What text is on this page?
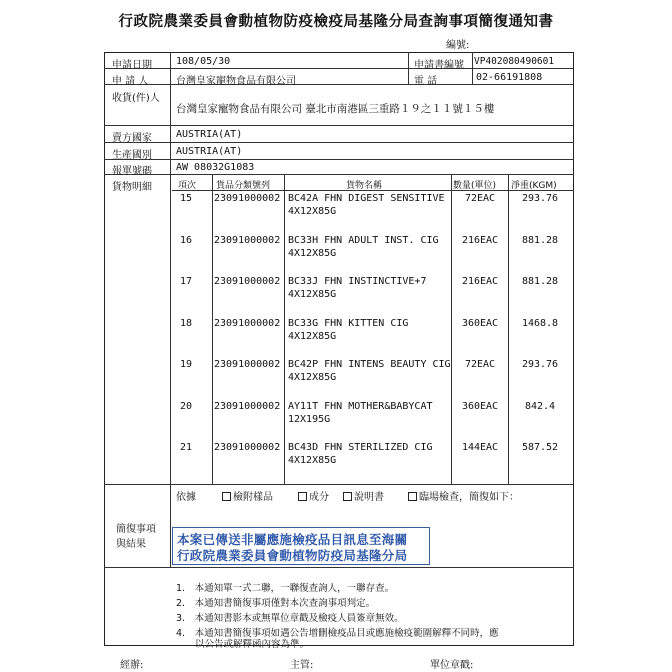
行政院農業委員會動植物防疫檢疫局基隆分局查詢事項簡復通知書
編號:
申請日期 108/05/30	申請書編號 VP402080490601
申 請 人	台灣皇家寵物食品有限公司	電 話	02-66191808
收貨(件)人
台灣皇家寵物食品有限公司 臺北市南港區三重路１９之１１號１５樓
賣方國家 AUSTRIA(AT)
生產國別 AUSTRIA(AT)
報單號碼 AW 08032G1083
貨物明細	項次 貨品分類號列	貨物名稱	數量(單位) 淨重(KGM)
15 23091000002 BC42A FHN DIGEST SENSITIVE	72EAC	293.76
4X12X85G
16 23091000002 BC33H FHN ADULT INST. CIG	216EAC	881.28
4X12X85G
17 23091000002 BC33J FHN INSTINCTIVE+7	216EAC	881.28
4X12X85G
18 23091000002 BC33G FHN KITTEN CIG	360EAC	1468.8
4X12X85G
19 23091000002 BC42P FHN INTENS BEAUTY CIG	72EAC	293.76
4X12X85G
20 23091000002 AY11T FHN MOTHER&BABYCAT	360EAC	842.4
12X195G
21 23091000002 BC43D FHN STERILIZED CIG	144EAC	587.52
4X12X85G
依據	檢附樣品	成分	說明書	臨場檢查，簡復如下：
簡復事項
與結果 本案已傳送非屬應施檢疫品目訊息至海關
行政院農業委員會動植物防疫局基隆分局
1.　本通知單一式二聯，一聯復查詢人，一聯存查。
2.　本通知書簡復事項僅對本次查詢事項判定。
3.　本通知書影本或無單位章戳及檢疫人員簽章無效。
4.　本通知書簡復事項如遇公告增刪檢疫品目或應施檢疫範圍解釋不同時，應
　　以公告或解釋函內容為準。
經辦:	主管:	單位章戳:
